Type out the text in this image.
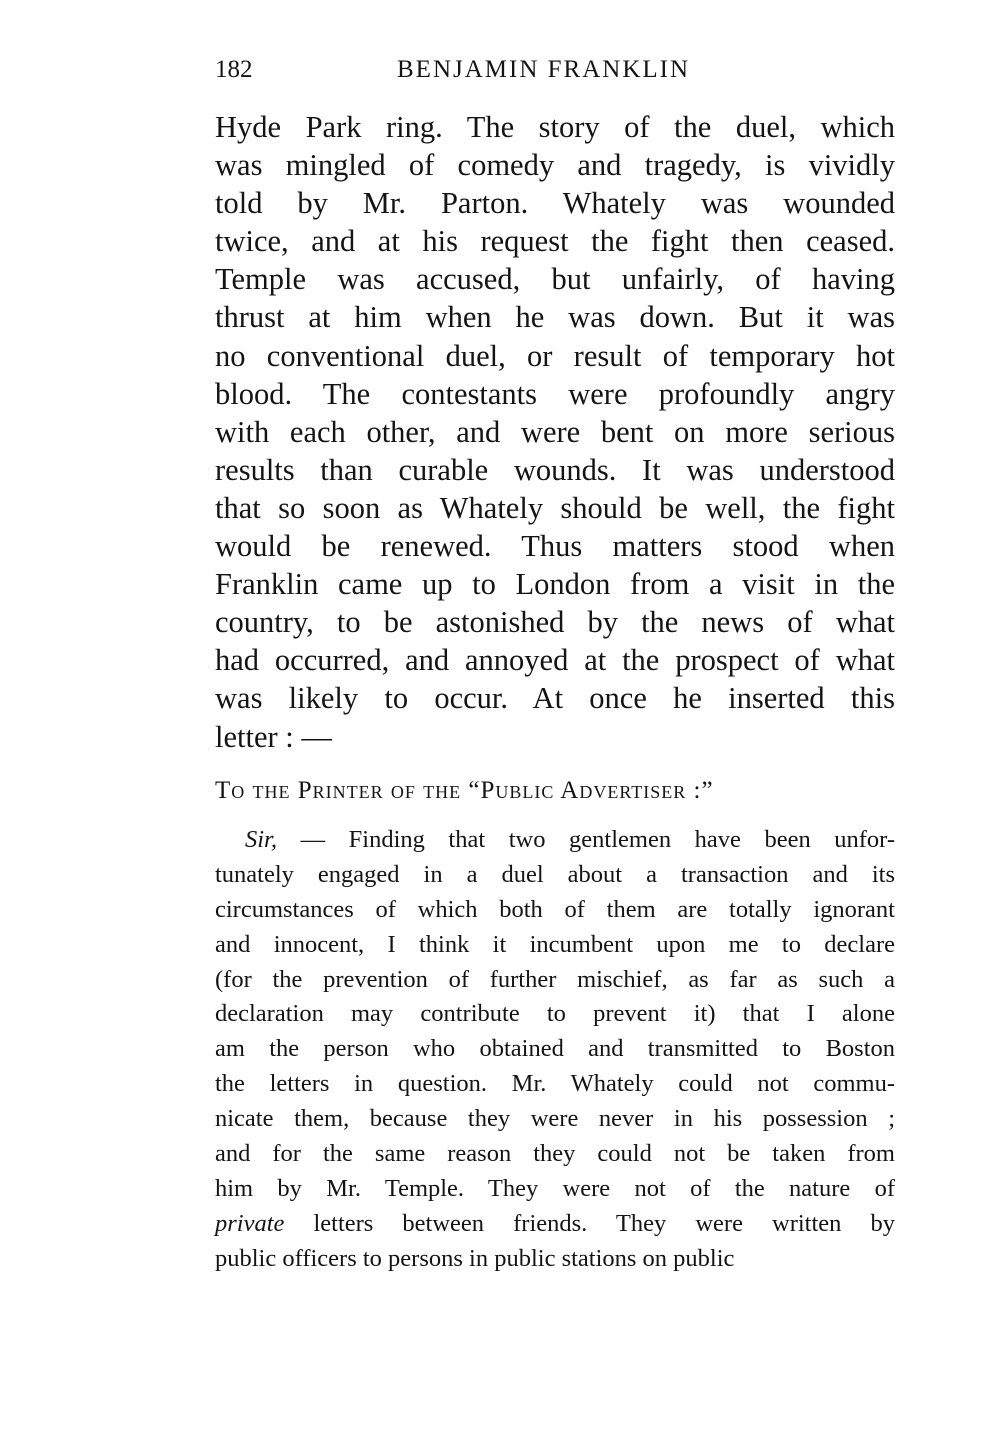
182	BENJAMIN FRANKLIN

Hyde Park ring. The story of the duel, which
was mingled of comedy and tragedy, is vividly
told by Mr. Parton. Whately was wounded
twice, and at his request the fight then ceased.
Temple was accused, but unfairly, of having
thrust at him when he was down. But it was
no conventional duel, or result of temporary hot
blood. The contestants were profoundly angry
with each other, and were bent on more serious
results than curable wounds. It was understood
that so soon as Whately should be well, the fight
would be renewed. Thus matters stood when
Franklin came up to London from a visit in the
country, to be astonished by the news of what
had occurred, and annoyed at the prospect of what
was likely to occur. At once he inserted this
letter : —

To the Printer of the “Public Advertiser :”

Sir, — Finding that two gentlemen have been unfor-
tunately engaged in a duel about a transaction and its
circumstances of which both of them are totally ignorant
and innocent, I think it incumbent upon me to declare
(for the prevention of further mischief, as far as such a
declaration may contribute to prevent it) that I alone
am the person who obtained and transmitted to Boston
the letters in question. Mr. Whately could not commu-
nicate them, because they were never in his possession ;
and for the same reason they could not be taken from
him by Mr. Temple. They were not of the nature of
private letters between friends. They were written by
public officers to persons in public stations on public
